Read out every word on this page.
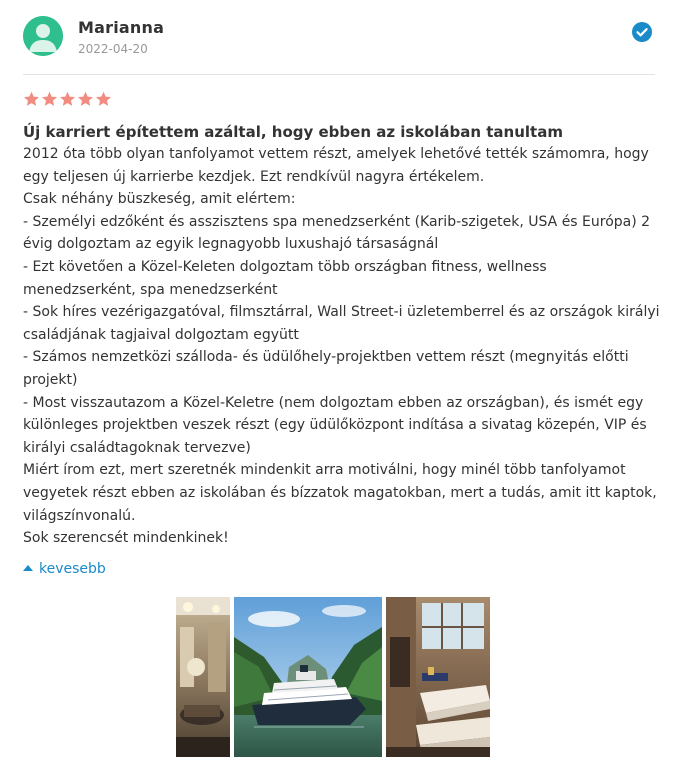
Marianna
2022-04-20
Új karriert építettem azáltal, hogy ebben az iskolában tanultam
2012 óta több olyan tanfolyamot vettem részt, amelyek lehetővé tették számomra, hogy
egy teljesen új karrierbe kezdjek. Ezt rendkívül nagyra értékelem.
Csak néhány büszkeség, amit elértem:
- Személyi edzőként és asszisztens spa menedzserként (Karib-szigetek, USA és Európa) 2
évig dolgoztam az egyik legnagyobb luxushajó társaságnál
- Ezt követően a Közel-Keleten dolgoztam több országban fitness, wellness
menedzserként, spa menedzserként
- Sok híres vezérigazgatóval, filmsztárral, Wall Street-i üzletemberrel és az országok királyi
családjának tagjaival dolgoztam együtt
- Számos nemzetközi szálloda- és üdülőhely-projektben vettem részt (megnyitás előtti
projekt)
- Most visszautazom a Közel-Keletre (nem dolgoztam ebben az országban), és ismét egy
különleges projektben veszek részt (egy üdülőközpont indítása a sivatag közepén, VIP és
királyi családtagoknak tervezve)
Miért írom ezt, mert szeretnék mindenkit arra motiválni, hogy minél több tanfolyamot
vegyetek részt ebben az iskolában és bízzatok magatokban, mert a tudás, amit itt kaptok,
világszínvonalú.
Sok szerencsét mindenkinek!
kevesebb
